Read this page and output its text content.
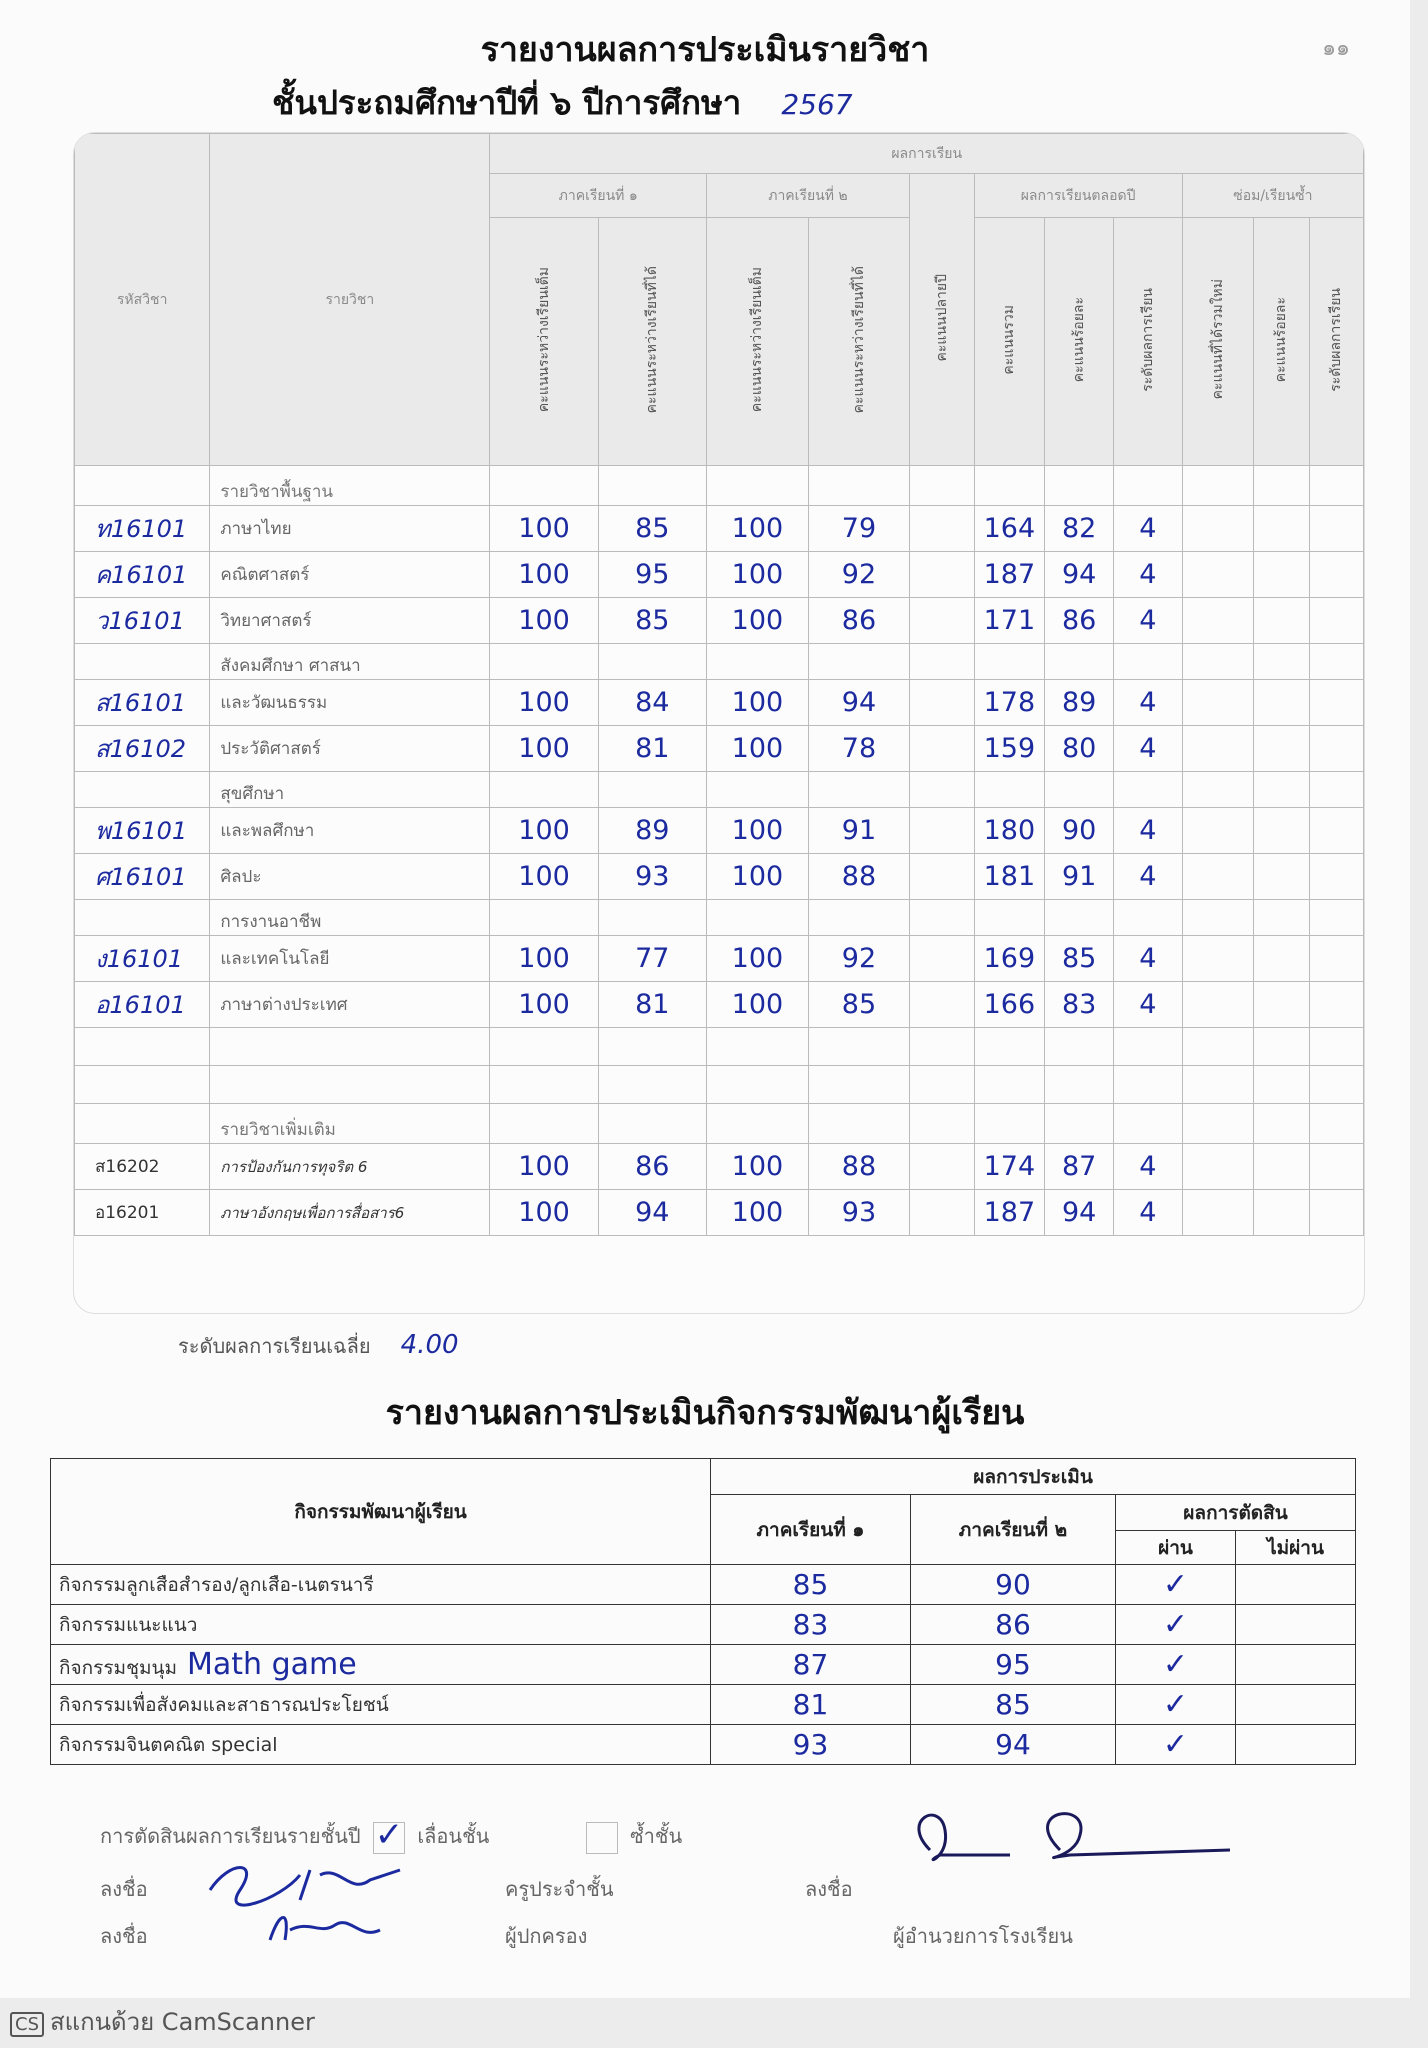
๑๑
รายงานผลการประเมินรายวิชา
ชั้นประถมศึกษาปีที่ ๖ ปีการศึกษา 2567
รหัสวิชา	รายวิชา	ผลการเรียน										
		ภาคเรียนที่ ๑		ภาคเรียนที่ ๒		คะแนนปลายปี	ผลการเรียนตลอดปี			ซ่อม/เรียนซ้ำ		
		คะแนนระหว่างเรียนเต็ม	คะแนนระหว่างเรียนที่ได้	คะแนนระหว่างเรียนเต็ม	คะแนนระหว่างเรียนที่ได้		คะแนนรวม	คะแนนร้อยละ	ระดับผลการเรียน	คะแนนที่ได้รวมใหม่	คะแนนร้อยละ	ระดับผลการเรียน
	รายวิชาพื้นฐาน											
ท16101	ภาษาไทย	100	85	100	79		164	82	4			
ค16101	คณิตศาสตร์	100	95	100	92		187	94	4			
ว16101	วิทยาศาสตร์	100	85	100	86		171	86	4			
	สังคมศึกษา ศาสนา											
ส16101	และวัฒนธรรม	100	84	100	94		178	89	4			
ส16102	ประวัติศาสตร์	100	81	100	78		159	80	4			
	สุขศึกษา											
พ16101	และพลศึกษา	100	89	100	91		180	90	4			
ศ16101	ศิลปะ	100	93	100	88		181	91	4			
	การงานอาชีพ											
ง16101	และเทคโนโลยี	100	77	100	92		169	85	4			
อ16101	ภาษาต่างประเทศ	100	81	100	85		166	83	4			

	รายวิชาเพิ่มเติม											
ส16202	การป้องกันการทุจริต 6	100	86	100	88		174	87	4			
อ16201	ภาษาอังกฤษเพื่อการสื่อสาร6	100	94	100	93		187	94	4			
ระดับผลการเรียนเฉลี่ย 4.00
รายงานผลการประเมินกิจกรรมพัฒนาผู้เรียน
กิจกรรมพัฒนาผู้เรียน	ผลการประเมิน			
	ภาคเรียนที่ ๑	ภาคเรียนที่ ๒	ผลการตัดสิน	
			ผ่าน	ไม่ผ่าน
กิจกรรมลูกเสือสำรอง/ลูกเสือ-เนตรนารี	85	90	✓	
กิจกรรมแนะแนว	83	86	✓	
กิจกรรมชุมนุม Math game	87	95	✓	
กิจกรรมเพื่อสังคมและสาธารณประโยชน์	81	85	✓	
กิจกรรมจินตคณิต special	93	94	✓	
การตัดสินผลการเรียนรายชั้นปี ✓ เลื่อนชั้น	ซ้ำชั้น
ลงชื่อ	ครูประจำชั้น	ลงชื่อ
ลงชื่อ	ผู้ปกครอง	ผู้อำนวยการโรงเรียน
CS สแกนด้วย CamScanner
